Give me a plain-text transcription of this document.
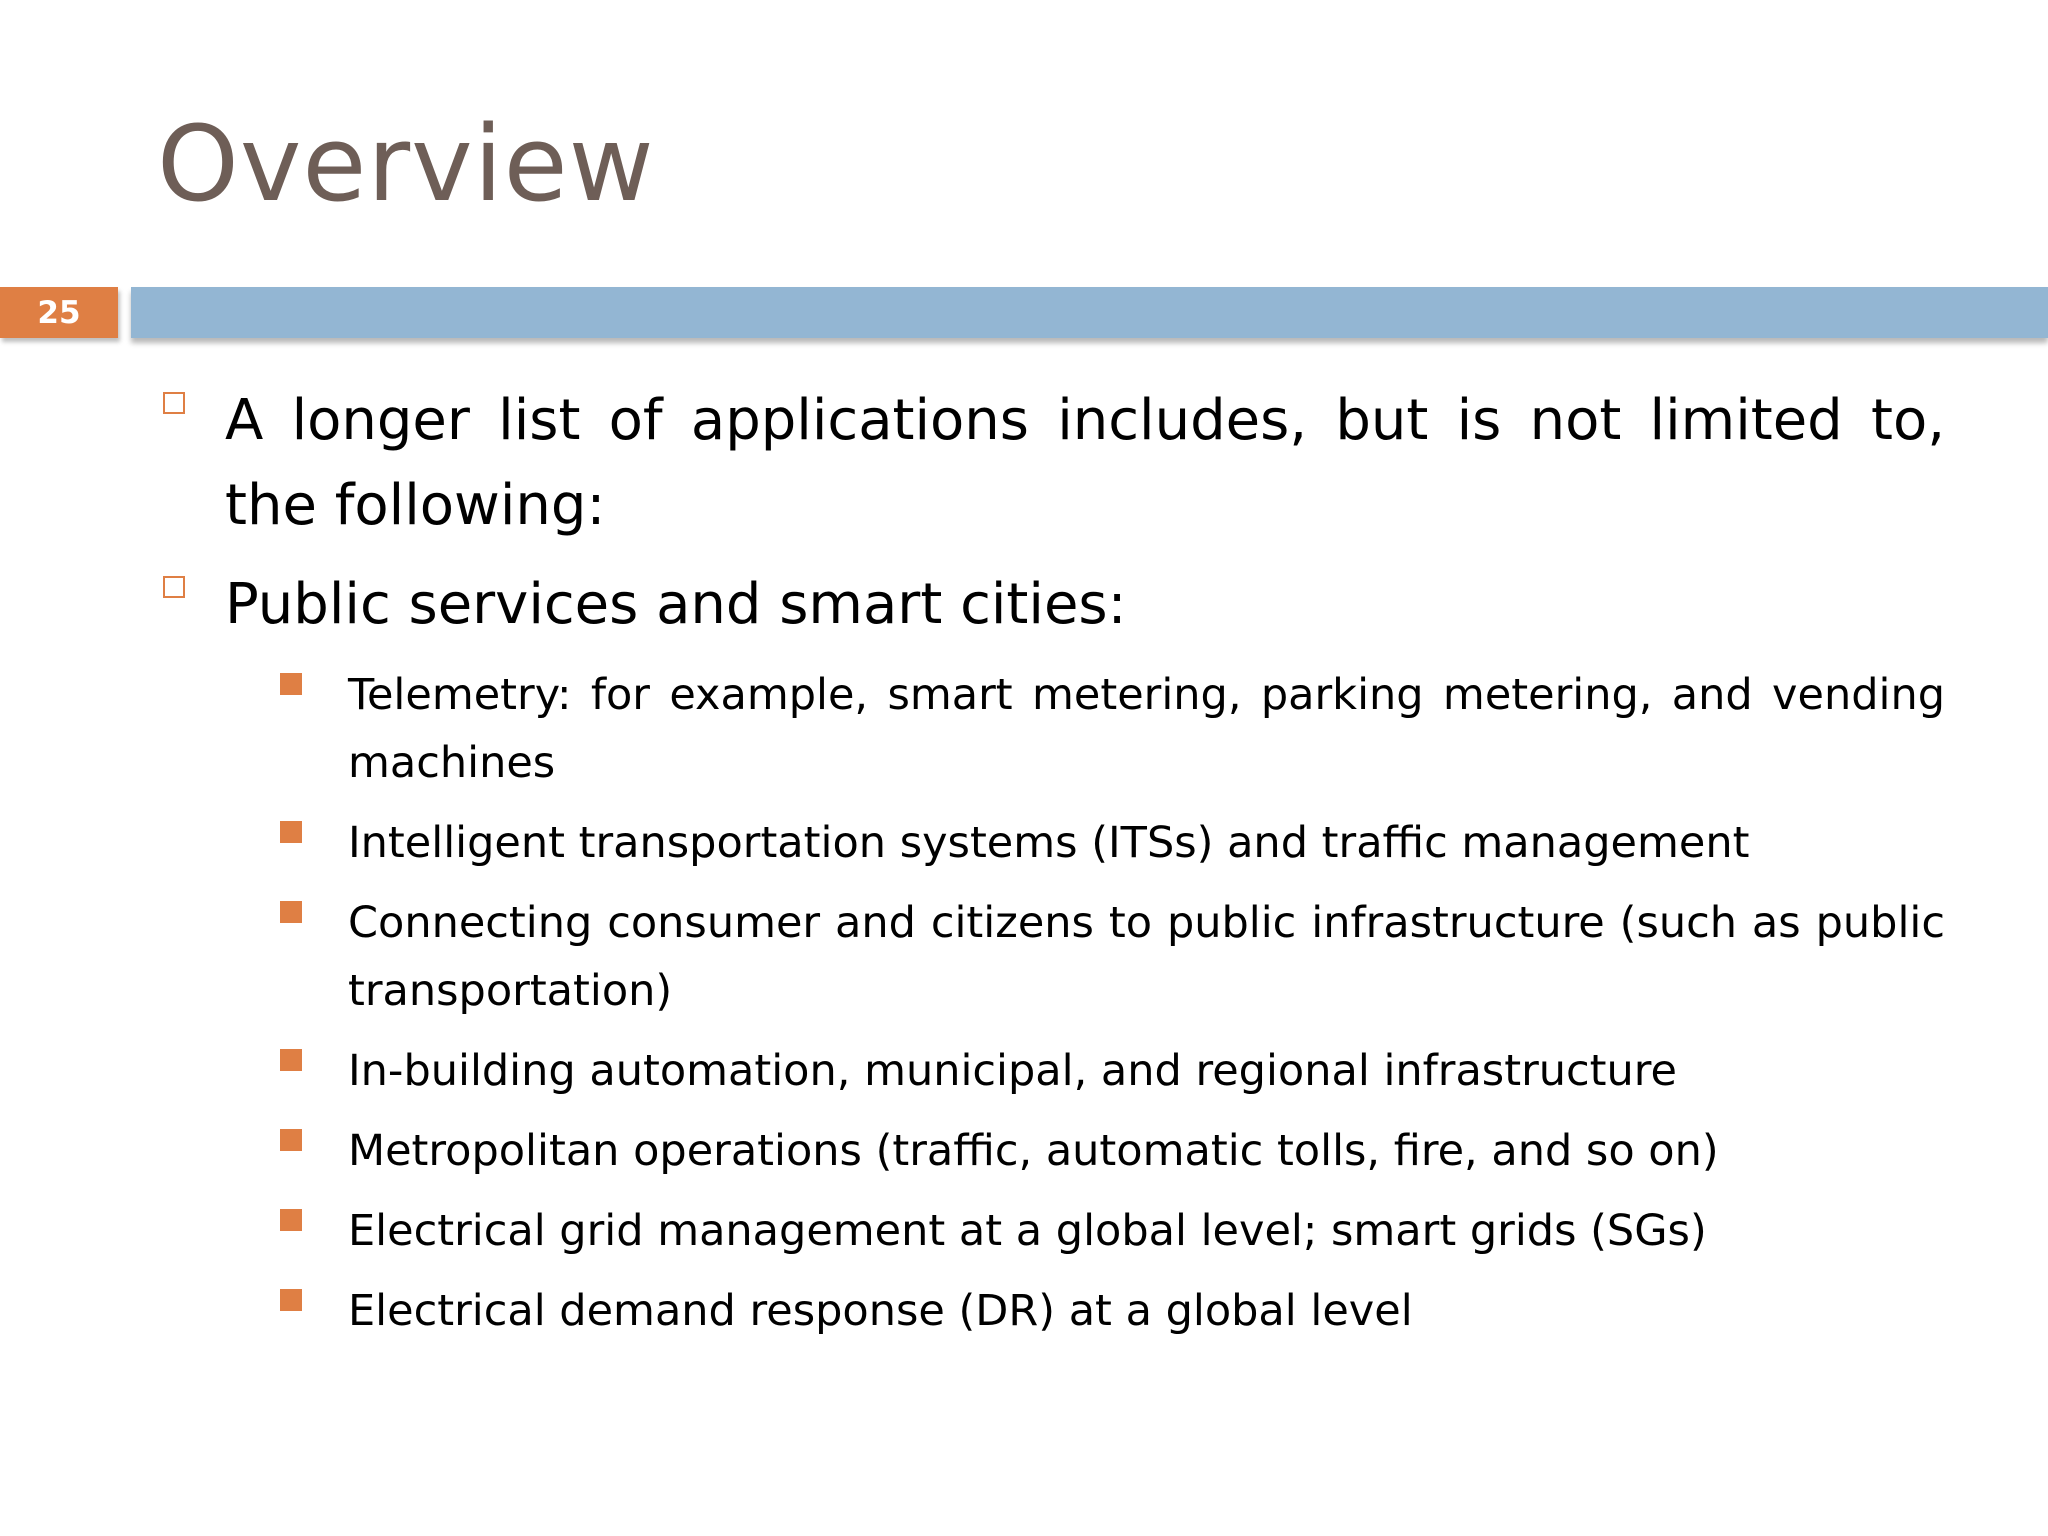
Overview
25
A longer list of applications includes, but is not limited to, the following:
Public services and smart cities:
Telemetry: for example, smart metering, parking metering, and vending machines
Intelligent transportation systems (ITSs) and traffic management
Connecting consumer and citizens to public infrastructure (such as public transportation)
In-building automation, municipal, and regional infrastructure
Metropolitan operations (traffic, automatic tolls, fire, and so on)
Electrical grid management at a global level; smart grids (SGs)
Electrical demand response (DR) at a global level
